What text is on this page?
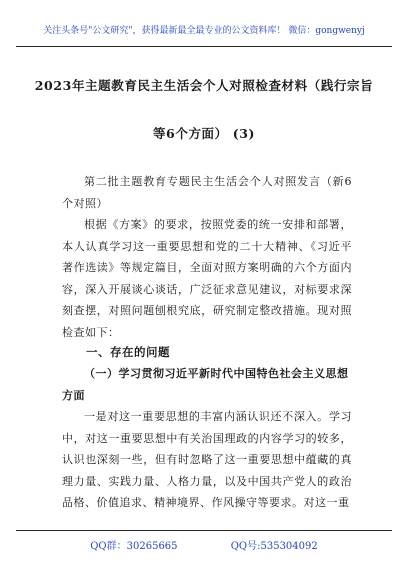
关注头条号"公文研究"，获得最新最全最专业的公文资料库！ 微信：gongwenyj
2023年主题教育民主生活会个人对照检查材料（践行宗旨
等6个方面） (3)
第二批主题教育专题民主生活会个人对照发言（新6个对照）
根据《方案》的要求，按照党委的统一安排和部署，本人认真学习这一重要思想和党的二十大精神、《习近平著作选读》等规定篇目，全面对照方案明确的六个方面内容，深入开展谈心谈话，广泛征求意见建议，对标要求深刻查摆，对照问题刨根究底，研究制定整改措施。现对照检查如下：
一、存在的问题
（一）学习贯彻习近平新时代中国特色社会主义思想方面
一是对这一重要思想的丰富内涵认识还不深入。学习中，对这一重要思想中有关治国理政的内容学习的较多，认识也深刻一些，但有时忽略了这一重要思想中蕴藏的真理力量、实践力量、人格力量，以及中国共产党人的政治品格、价值追求、精神境界、作风操守等要求。对这一重
QQ群：30265665	QQ号:535304092
